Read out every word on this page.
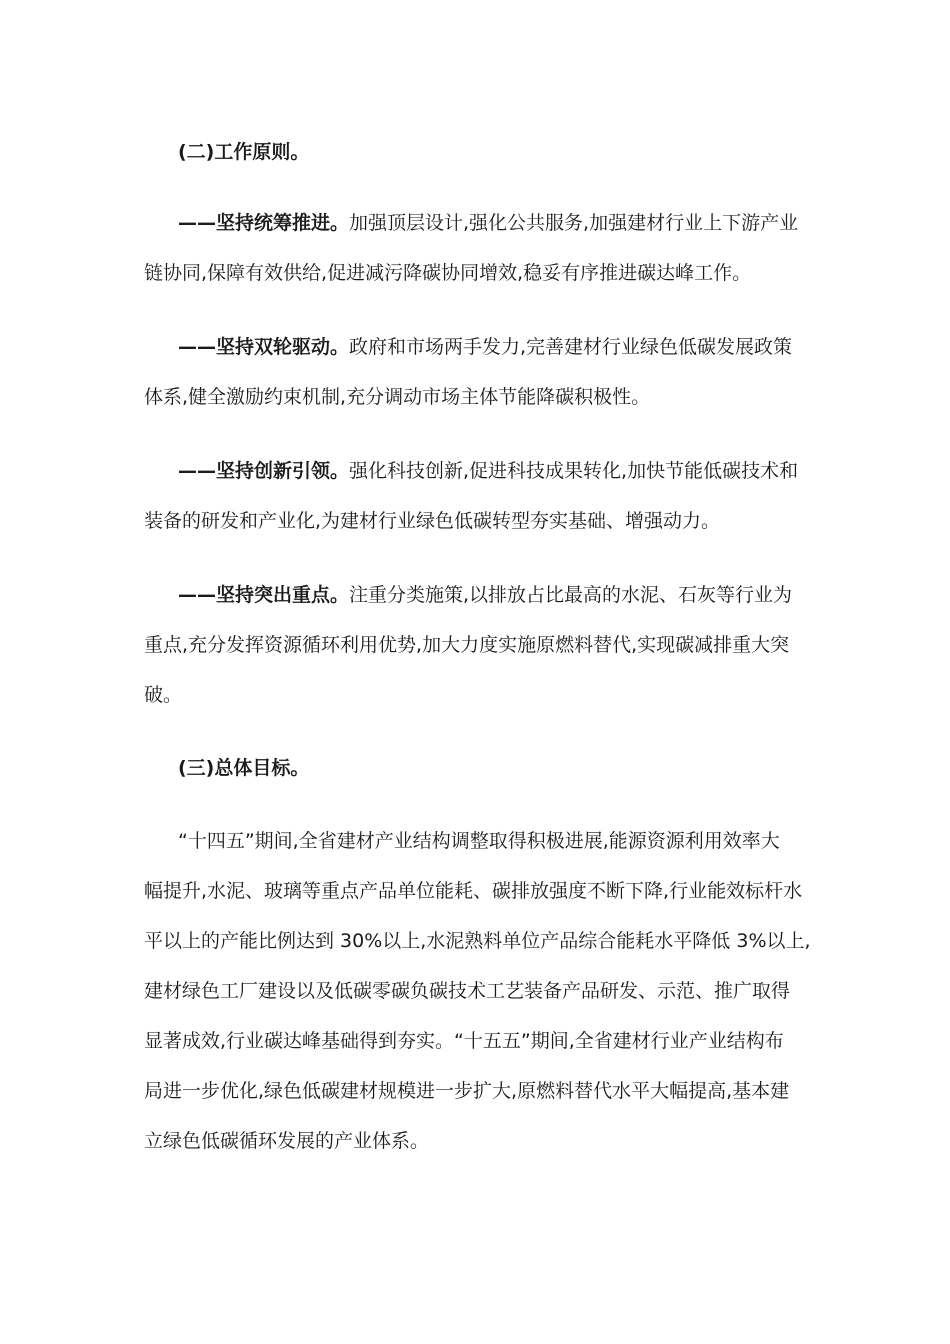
(二)工作原则。
——坚持统筹推进。加强顶层设计,强化公共服务,加强建材行业上下游产业
链协同,保障有效供给,促进减污降碳协同增效,稳妥有序推进碳达峰工作。
——坚持双轮驱动。政府和市场两手发力,完善建材行业绿色低碳发展政策
体系,健全激励约束机制,充分调动市场主体节能降碳积极性。
——坚持创新引领。强化科技创新,促进科技成果转化,加快节能低碳技术和
装备的研发和产业化,为建材行业绿色低碳转型夯实基础、增强动力。
——坚持突出重点。注重分类施策,以排放占比最高的水泥、石灰等行业为
重点,充分发挥资源循环利用优势,加大力度实施原燃料替代,实现碳减排重大突
破。
(三)总体目标。
“十四五”期间,全省建材产业结构调整取得积极进展,能源资源利用效率大
幅提升,水泥、玻璃等重点产品单位能耗、碳排放强度不断下降,行业能效标杆水
平以上的产能比例达到 30%以上,水泥熟料单位产品综合能耗水平降低 3%以上,
建材绿色工厂建设以及低碳零碳负碳技术工艺装备产品研发、示范、推广取得
显著成效,行业碳达峰基础得到夯实。“十五五”期间,全省建材行业产业结构布
局进一步优化,绿色低碳建材规模进一步扩大,原燃料替代水平大幅提高,基本建
立绿色低碳循环发展的产业体系。
